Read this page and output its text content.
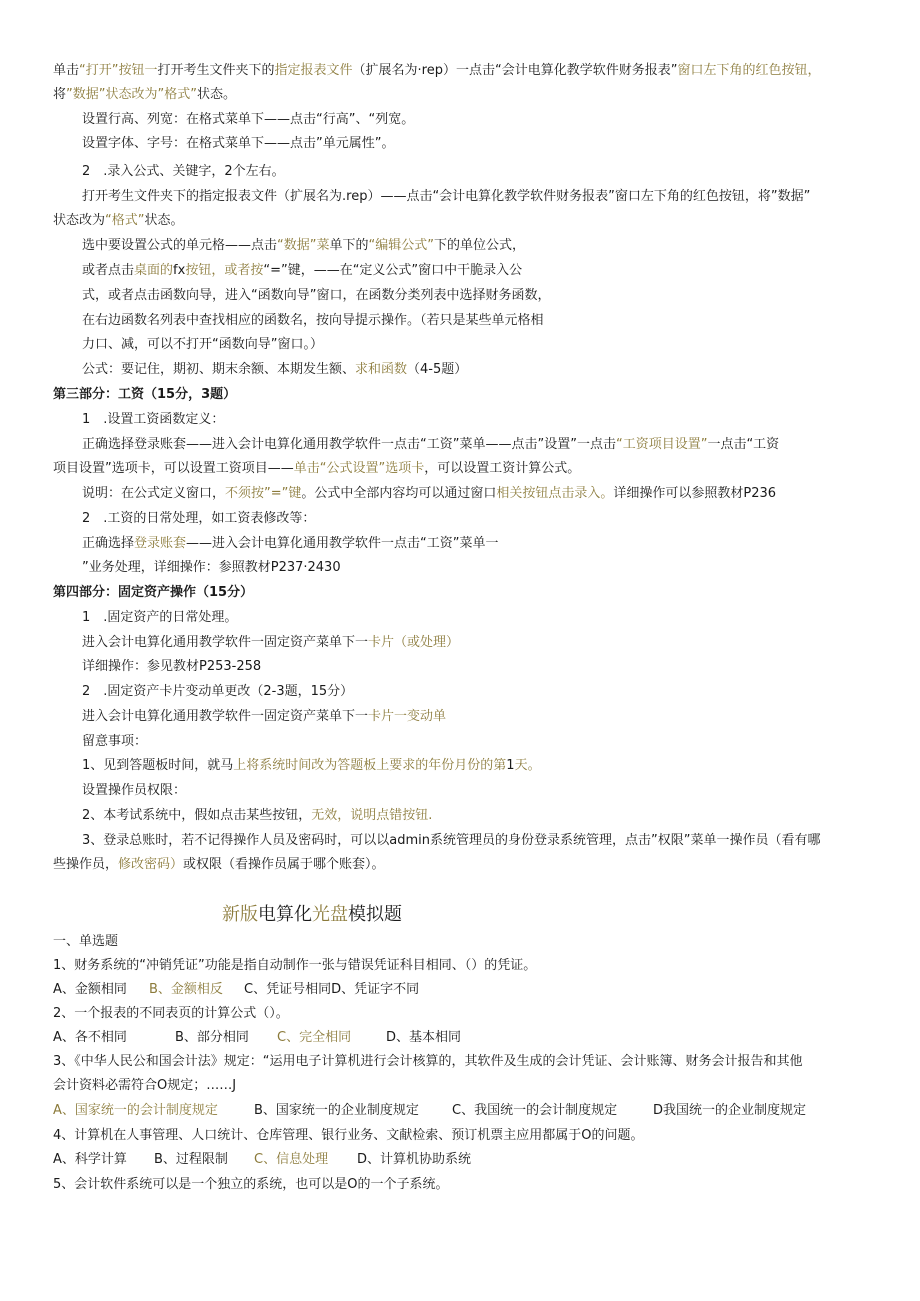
单击“打开”按钮一打开考生文件夹下的指定报表文件（扩展名为·rep）一点击“会计电算化教学软件财务报表”窗口左下角的红色按钮，
将”数据”状态改为”格式”状态。
设置行高、列宽：在格式菜单下——点击“行高”、“列宽。
设置字体、字号：在格式菜单下——点击”单元属性”。
2　.录入公式、关键字，2个左右。
打开考生文件夹下的指定报表文件（扩展名为.rep）——点击“会计电算化教学软件财务报表”窗口左下角的红色按钮，将”数据”
状态改为“格式”状态。
选中要设置公式的单元格——点击“数据”菜单下的“编辑公式”下的单位公式，
或者点击桌面的fx按钮，或者按“=”键，——在“定义公式”窗口中干脆录入公
式，或者点击函数向导，进入“函数向导”窗口，在函数分类列表中选择财务函数，
在右边函数名列表中查找相应的函数名，按向导提示操作。（若只是某些单元格相
力口、减，可以不打开“函数向导”窗口。）
公式：要记住，期初、期末余额、本期发生额、求和函数（4-5题）
第三部分：工资（15分，3题）
1　.设置工资函数定义：
正确选择登录账套——进入会计电算化通用教学软件一点击“工资”菜单——点击”设置”一点击“工资项目设置”一点击“工资
项目设置”选项卡，可以设置工资项目——单击“公式设置”选项卡，可以设置工资计算公式。
说明：在公式定义窗口，不须按”=”键。公式中全部内容均可以通过窗口相关按钮点击录入。详细操作可以参照教材P236
2　.工资的日常处理，如工资表修改等：
正确选择登录账套——进入会计电算化通用教学软件一点击“工资”菜单一
”业务处理，详细操作：参照教材P237·2430
第四部分：固定资产操作（15分）
1　.固定资产的日常处理。
进入会计电算化通用教学软件一固定资产菜单下一卡片（或处理）
详细操作：参见教材P253-258
2　.固定资产卡片变动单更改（2-3题，15分）
进入会计电算化通用教学软件一固定资产菜单下一卡片一变动单
留意事项：
1、见到答题板时间，就马上将系统时间改为答题板上要求的年份月份的第1天。
设置操作员权限：
2、本考试系统中，假如点击某些按钮，无效，说明点错按钮.
3、登录总账时，若不记得操作人员及密码时，可以以admin系统管理员的身份登录系统管理，点击”权限”菜单一操作员（看有哪
些操作员，修改密码）或权限（看操作员属于哪个账套）。
新版电算化光盘模拟题
一、单选题
1、财务系统的“冲销凭证”功能是指自动制作一张与错误凭证科目相同、（）的凭证。
A、金额相同 B、金额相反 C、凭证号相同D、凭证字不同
2、一个报表的不同表页的计算公式（）。
A、各不相同	B、部分相同 C、完全相同	D、基本相同
3、《中华人民公和国会计法》规定：“运用电子计算机进行会计核算的，其软件及生成的会计凭证、会计账簿、财务会计报告和其他
会计资料必需符合O规定；……J
A、国家统一的会计制度规定	B、国家统一的企业制度规定	C、我国统一的会计制度规定	D我国统一的企业制度规定
4、计算机在人事管理、人口统计、仓库管理、银行业务、文献检索、预订机票主应用都属于O的问题。
A、科学计算 B、过程限制 C、信息处理 D、计算机协助系统
5、会计软件系统可以是一个独立的系统，也可以是O的一个子系统。
